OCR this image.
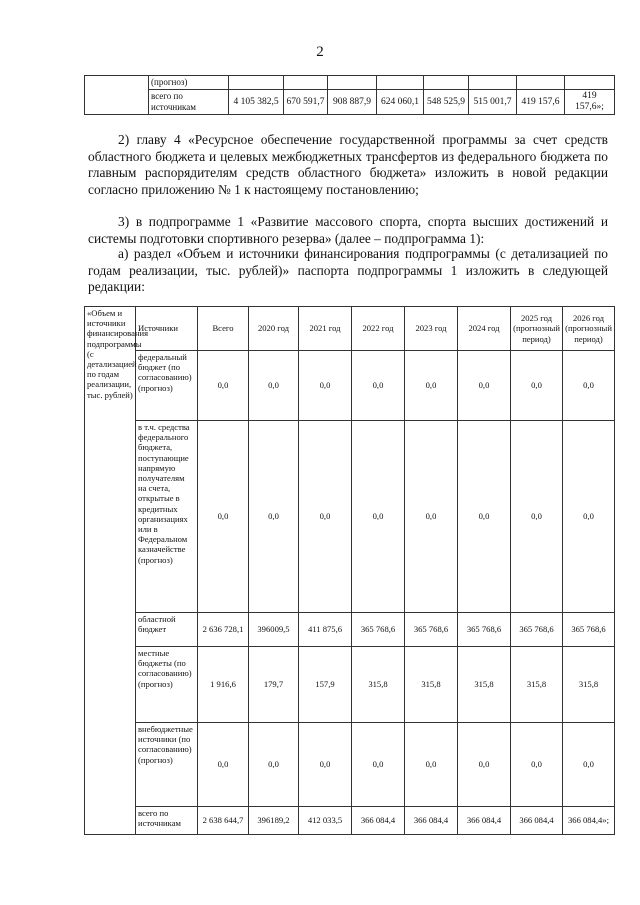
2
	(прогноз)								
	всего по источникам	4 105 382,5	670 591,7	908 887,9	624 060,1	548 525,9	515 001,7	419 157,6	419 157,6»;

2) главу 4 «Ресурсное обеспечение государственной программы за счет средств областного бюджета и целевых межбюджетных трансфертов из федерального бюджета по главным распорядителям средств областного бюджета» изложить в новой редакции согласно приложению № 1 к настоящему постановлению;

3) в подпрограмме 1 «Развитие массового спорта, спорта высших достижений и системы подготовки спортивного резерва» (далее – подпрограмма 1):

а) раздел «Объем и источники финансирования подпрограммы (с детализацией по годам реализации, тыс. рублей)» паспорта подпрограммы 1 изложить в следующей редакции:

«Объем и источники финансирования подпрограммы (с детализацией по годам реализации, тыс. рублей)	Источники	Всего	2020 год	2021 год	2022 год	2023 год	2024 год	2025 год (прогнозный период)	2026 год (прогнозный период)
	федеральный бюджет (по согласованию) (прогноз)	0,0	0,0	0,0	0,0	0,0	0,0	0,0	0,0
	в т.ч. средства федерального бюджета, поступающие напрямую получателям на счета, открытые в кредитных организациях или в Федеральном казначействе (прогноз)	0,0	0,0	0,0	0,0	0,0	0,0	0,0	0,0
	областной бюджет	2 636 728,1	396009,5	411 875,6	365 768,6	365 768,6	365 768,6	365 768,6	365 768,6
	местные бюджеты (по согласованию) (прогноз)	1 916,6	179,7	157,9	315,8	315,8	315,8	315,8	315,8
	внебюджетные источники (по согласованию) (прогноз)	0,0	0,0	0,0	0,0	0,0	0,0	0,0	0,0
	всего по источникам	2 638 644,7	396189,2	412 033,5	366 084,4	366 084,4	366 084,4	366 084,4	366 084,4»;
